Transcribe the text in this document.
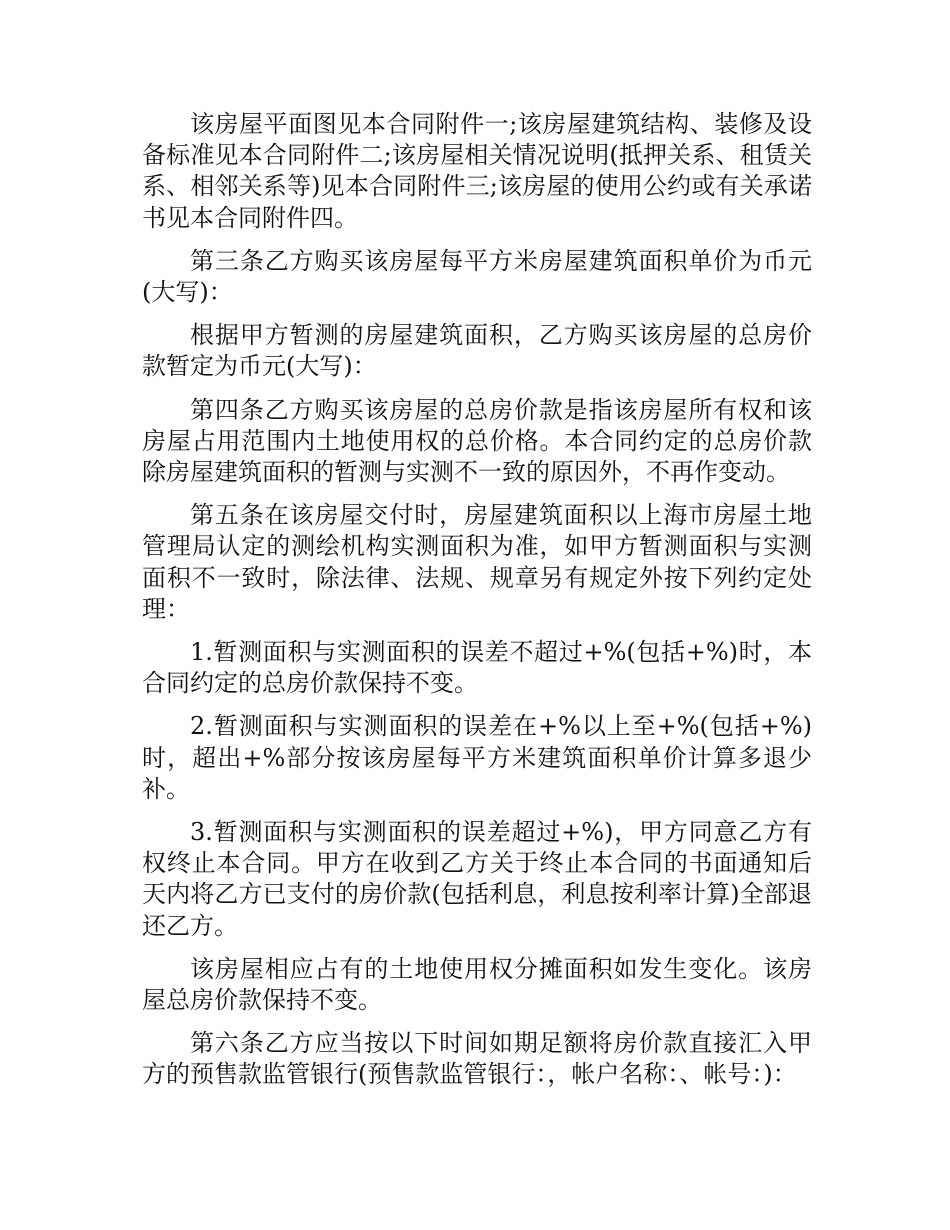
该房屋平面图见本合同附件一;该房屋建筑结构、装修及设备标准见本合同附件二;该房屋相关情况说明(抵押关系、租赁关系、相邻关系等)见本合同附件三;该房屋的使用公约或有关承诺书见本合同附件四。

第三条乙方购买该房屋每平方米房屋建筑面积单价为币元(大写)：

根据甲方暂测的房屋建筑面积，乙方购买该房屋的总房价款暂定为币元(大写)：

第四条乙方购买该房屋的总房价款是指该房屋所有权和该房屋占用范围内土地使用权的总价格。本合同约定的总房价款除房屋建筑面积的暂测与实测不一致的原因外，不再作变动。

第五条在该房屋交付时，房屋建筑面积以上海市房屋土地管理局认定的测绘机构实测面积为准，如甲方暂测面积与实测面积不一致时，除法律、法规、规章另有规定外按下列约定处理：

1.暂测面积与实测面积的误差不超过+%(包括+%)时，本合同约定的总房价款保持不变。

2.暂测面积与实测面积的误差在+%以上至+%(包括+%)时，超出+%部分按该房屋每平方米建筑面积单价计算多退少补。

3.暂测面积与实测面积的误差超过+%)，甲方同意乙方有权终止本合同。甲方在收到乙方关于终止本合同的书面通知后天内将乙方已支付的房价款(包括利息，利息按利率计算)全部退还乙方。

该房屋相应占有的土地使用权分摊面积如发生变化。该房屋总房价款保持不变。

第六条乙方应当按以下时间如期足额将房价款直接汇入甲方的预售款监管银行(预售款监管银行：，帐户名称：、帐号：)：
